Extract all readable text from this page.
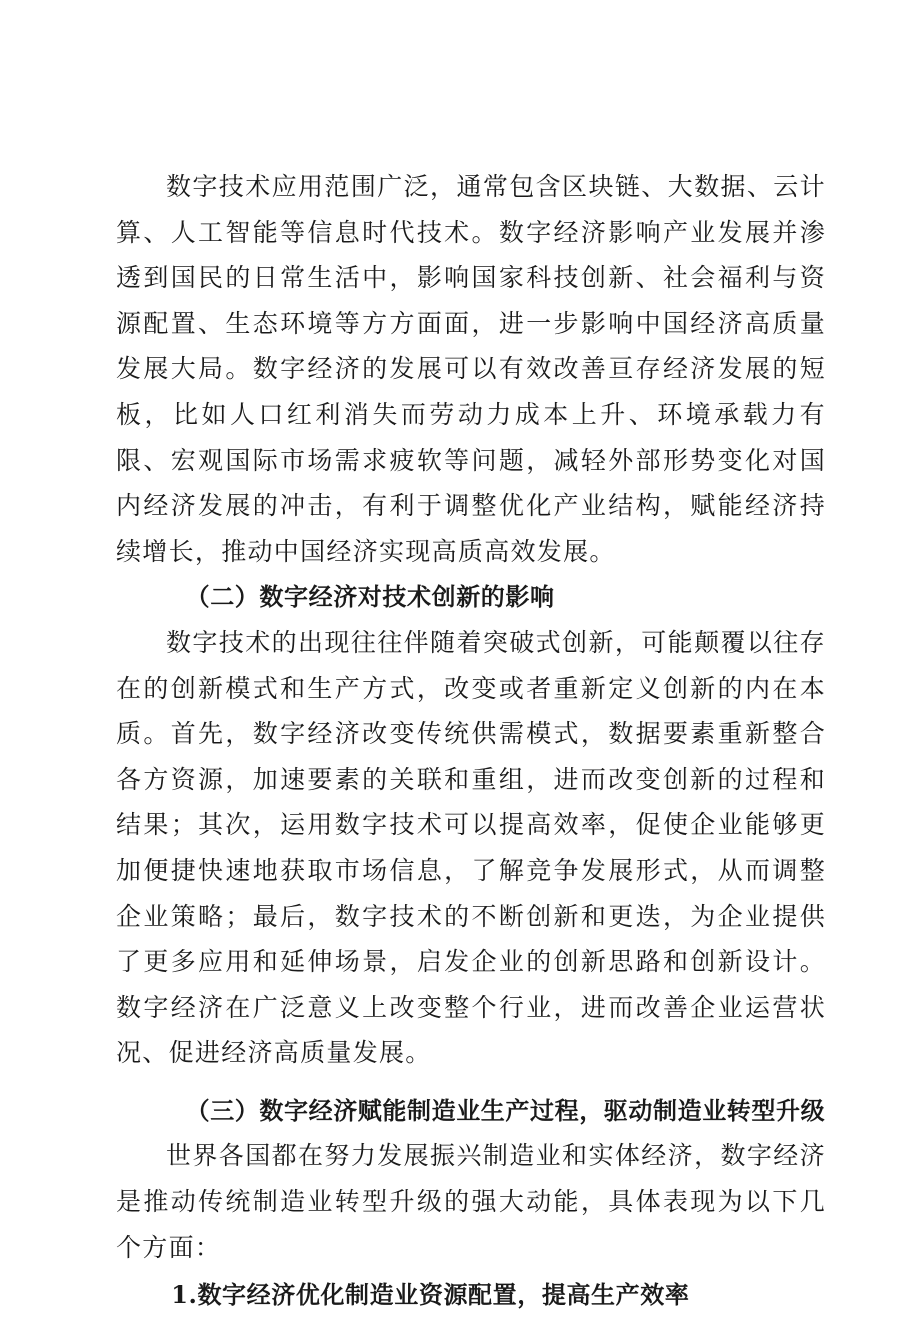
数字技术应用范围广泛，通常包含区块链、大数据、云计算、人工智能等信息时代技术。数字经济影响产业发展并渗透到国民的日常生活中，影响国家科技创新、社会福利与资源配置、生态环境等方方面面，进一步影响中国经济高质量发展大局。数字经济的发展可以有效改善亘存经济发展的短板，比如人口红利消失而劳动力成本上升、环境承载力有限、宏观国际市场需求疲软等问题，减轻外部形势变化对国内经济发展的冲击，有利于调整优化产业结构，赋能经济持续增长，推动中国经济实现高质高效发展。

（二）数字经济对技术创新的影响

数字技术的出现往往伴随着突破式创新，可能颠覆以往存在的创新模式和生产方式，改变或者重新定义创新的内在本质。首先，数字经济改变传统供需模式，数据要素重新整合各方资源，加速要素的关联和重组，进而改变创新的过程和结果；其次，运用数字技术可以提高效率，促使企业能够更加便捷快速地获取市场信息，了解竞争发展形式，从而调整企业策略；最后，数字技术的不断创新和更迭，为企业提供了更多应用和延伸场景，启发企业的创新思路和创新设计。数字经济在广泛意义上改变整个行业，进而改善企业运营状况、促进经济高质量发展。

（三）数字经济赋能制造业生产过程，驱动制造业转型升级

世界各国都在努力发展振兴制造业和实体经济，数字经济是推动传统制造业转型升级的强大动能，具体表现为以下几个方面：

1.数字经济优化制造业资源配置，提高生产效率
